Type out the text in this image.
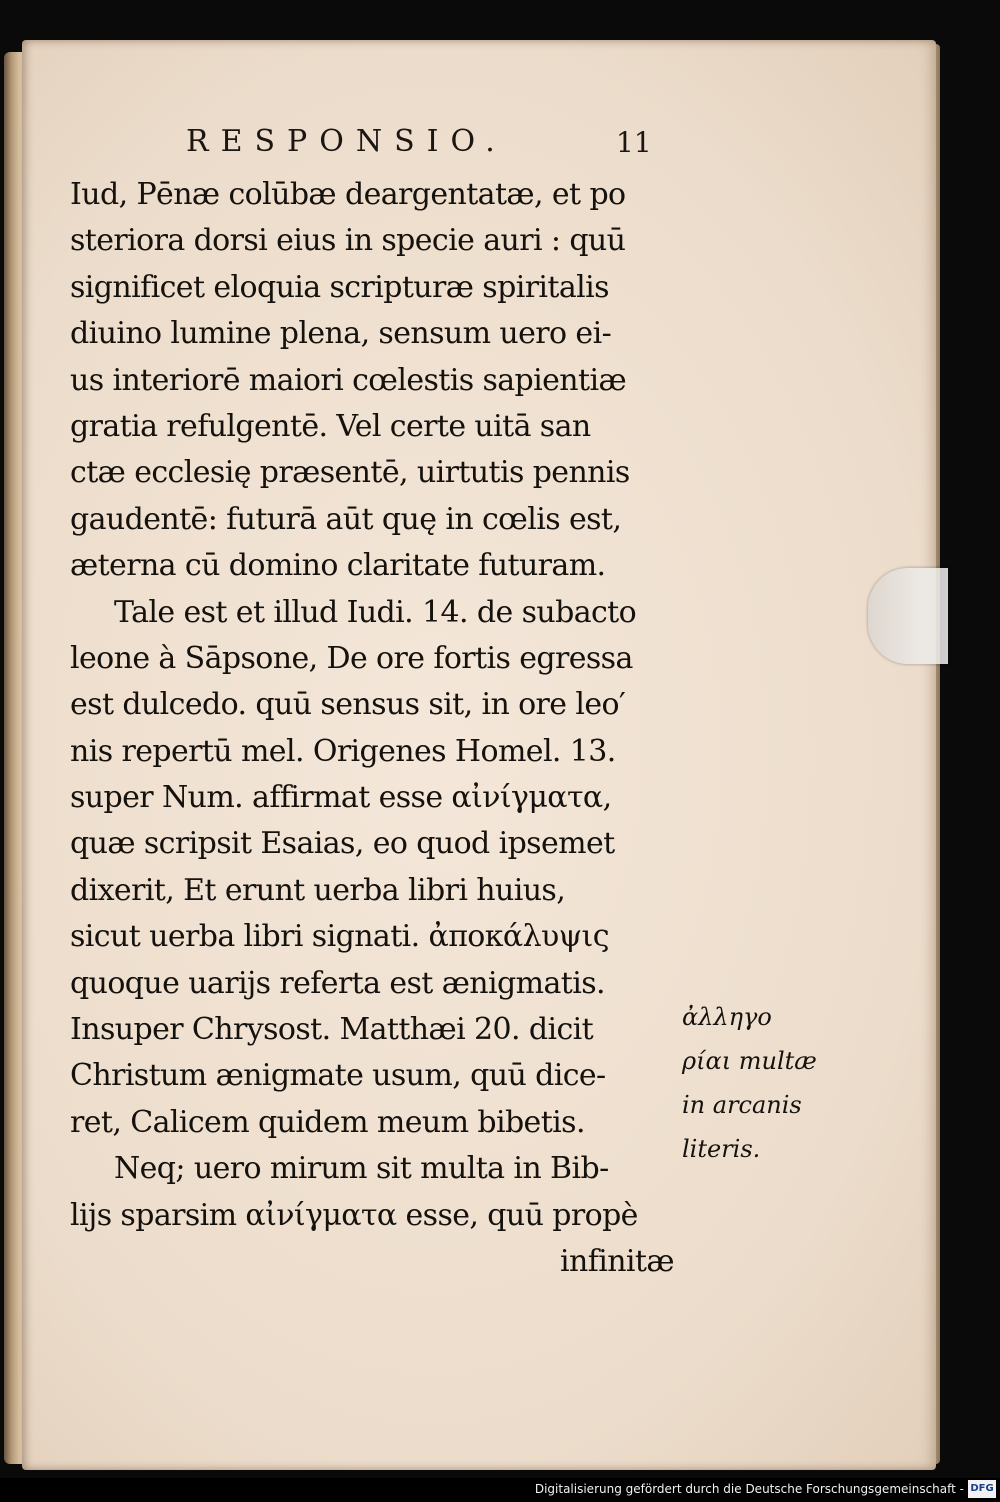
RESPONSIO.	11
Iud, Pēnæ colūbæ deargentatæ, et po
steriora dorsi eius in specie auri : quū
significet eloquia scripturæ spiritalis
diuino lumine plena, sensum uero ei-
us interiorē maiori cœlestis sapientiæ
gratia refulgentē. Vel certe uitā san
ctæ ecclesię præsentē, uirtutis pennis
gaudentē: futurā aūt quę in cœlis est,
æterna cū domino claritate futuram.
Tale est et illud Iudi. 14. de subacto
leone à Sāpsone, De ore fortis egressa
est dulcedo. quū sensus sit, in ore leo′
nis repertū mel. Origenes Homel. 13.
super Num. affirmat esse αἰνίγματα,
quæ scripsit Esaias, eo quod ipsemet
dixerit, Et erunt uerba libri huius,
sicut uerba libri signati. ἀποκάλυψις
quoque uarijs referta est ænigmatis.
Insuper Chrysost. Matthæi 20. dicit
Christum ænigmate usum, quū dice-
ret, Calicem quidem meum bibetis.
Neq; uero mirum sit multa in Bib-
lijs sparsim αἰνίγματα esse, quū propè
infinitæ
ἀλληγο
ρίαι multæ
in arcanis
literis.
Digitalisierung gefördert durch die Deutsche Forschungsgemeinschaft - DFG
